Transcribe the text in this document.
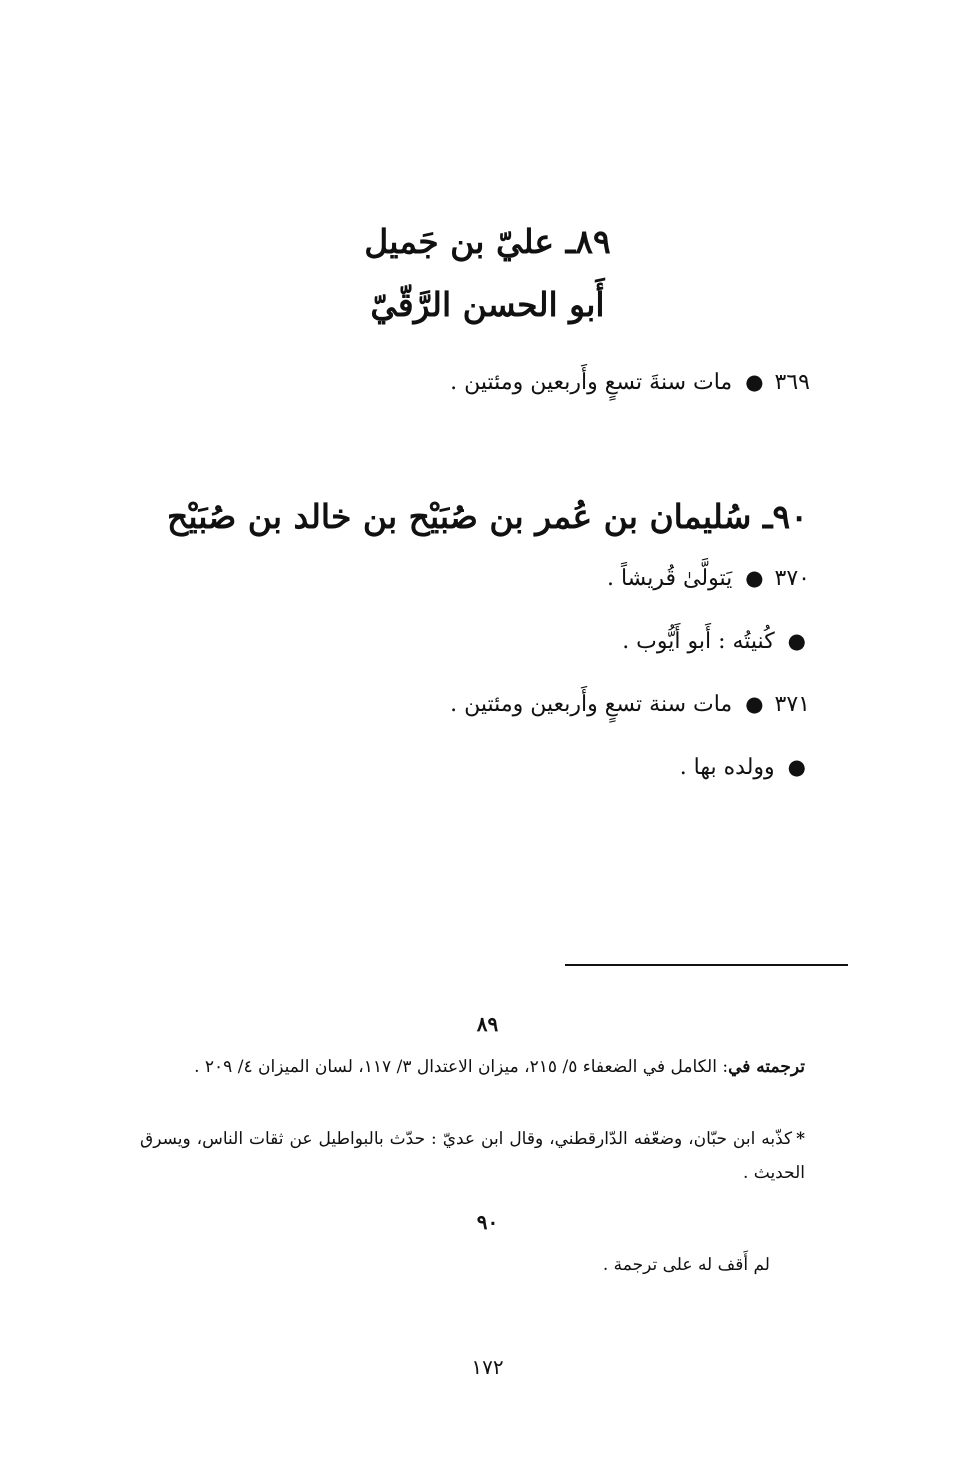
٨٩ـ عليّ بن جَميل
أَبو الحسن الرَّقّيّ
٣٦٩ ● مات سنةَ تسعٍ وأَربعين ومئتين .
٩٠ـ سُليمان بن عُمر بن صُبَيْح بن خالد بن صُبَيْح
٣٧٠ ● يَتولَّىٰ قُريشاً .
● كُنيتُه : أَبو أَيُّوب .
٣٧١ ● مات سنة تسعٍ وأَربعين ومئتين .
● وولده بها .
٨٩
ترجمته في: الكامل في الضعفاء ٥/ ٢١٥، ميزان الاعتدال ٣/ ١١٧، لسان الميزان ٤/ ٢٠٩ .
*كذّبه ابن حبّان، وضعّفه الدّارقطني، وقال ابن عديّ : حدّث بالبواطيل عن ثقات الناس، ويسرق الحديث .
٩٠
لم أَقف له على ترجمة .
١٧٢
